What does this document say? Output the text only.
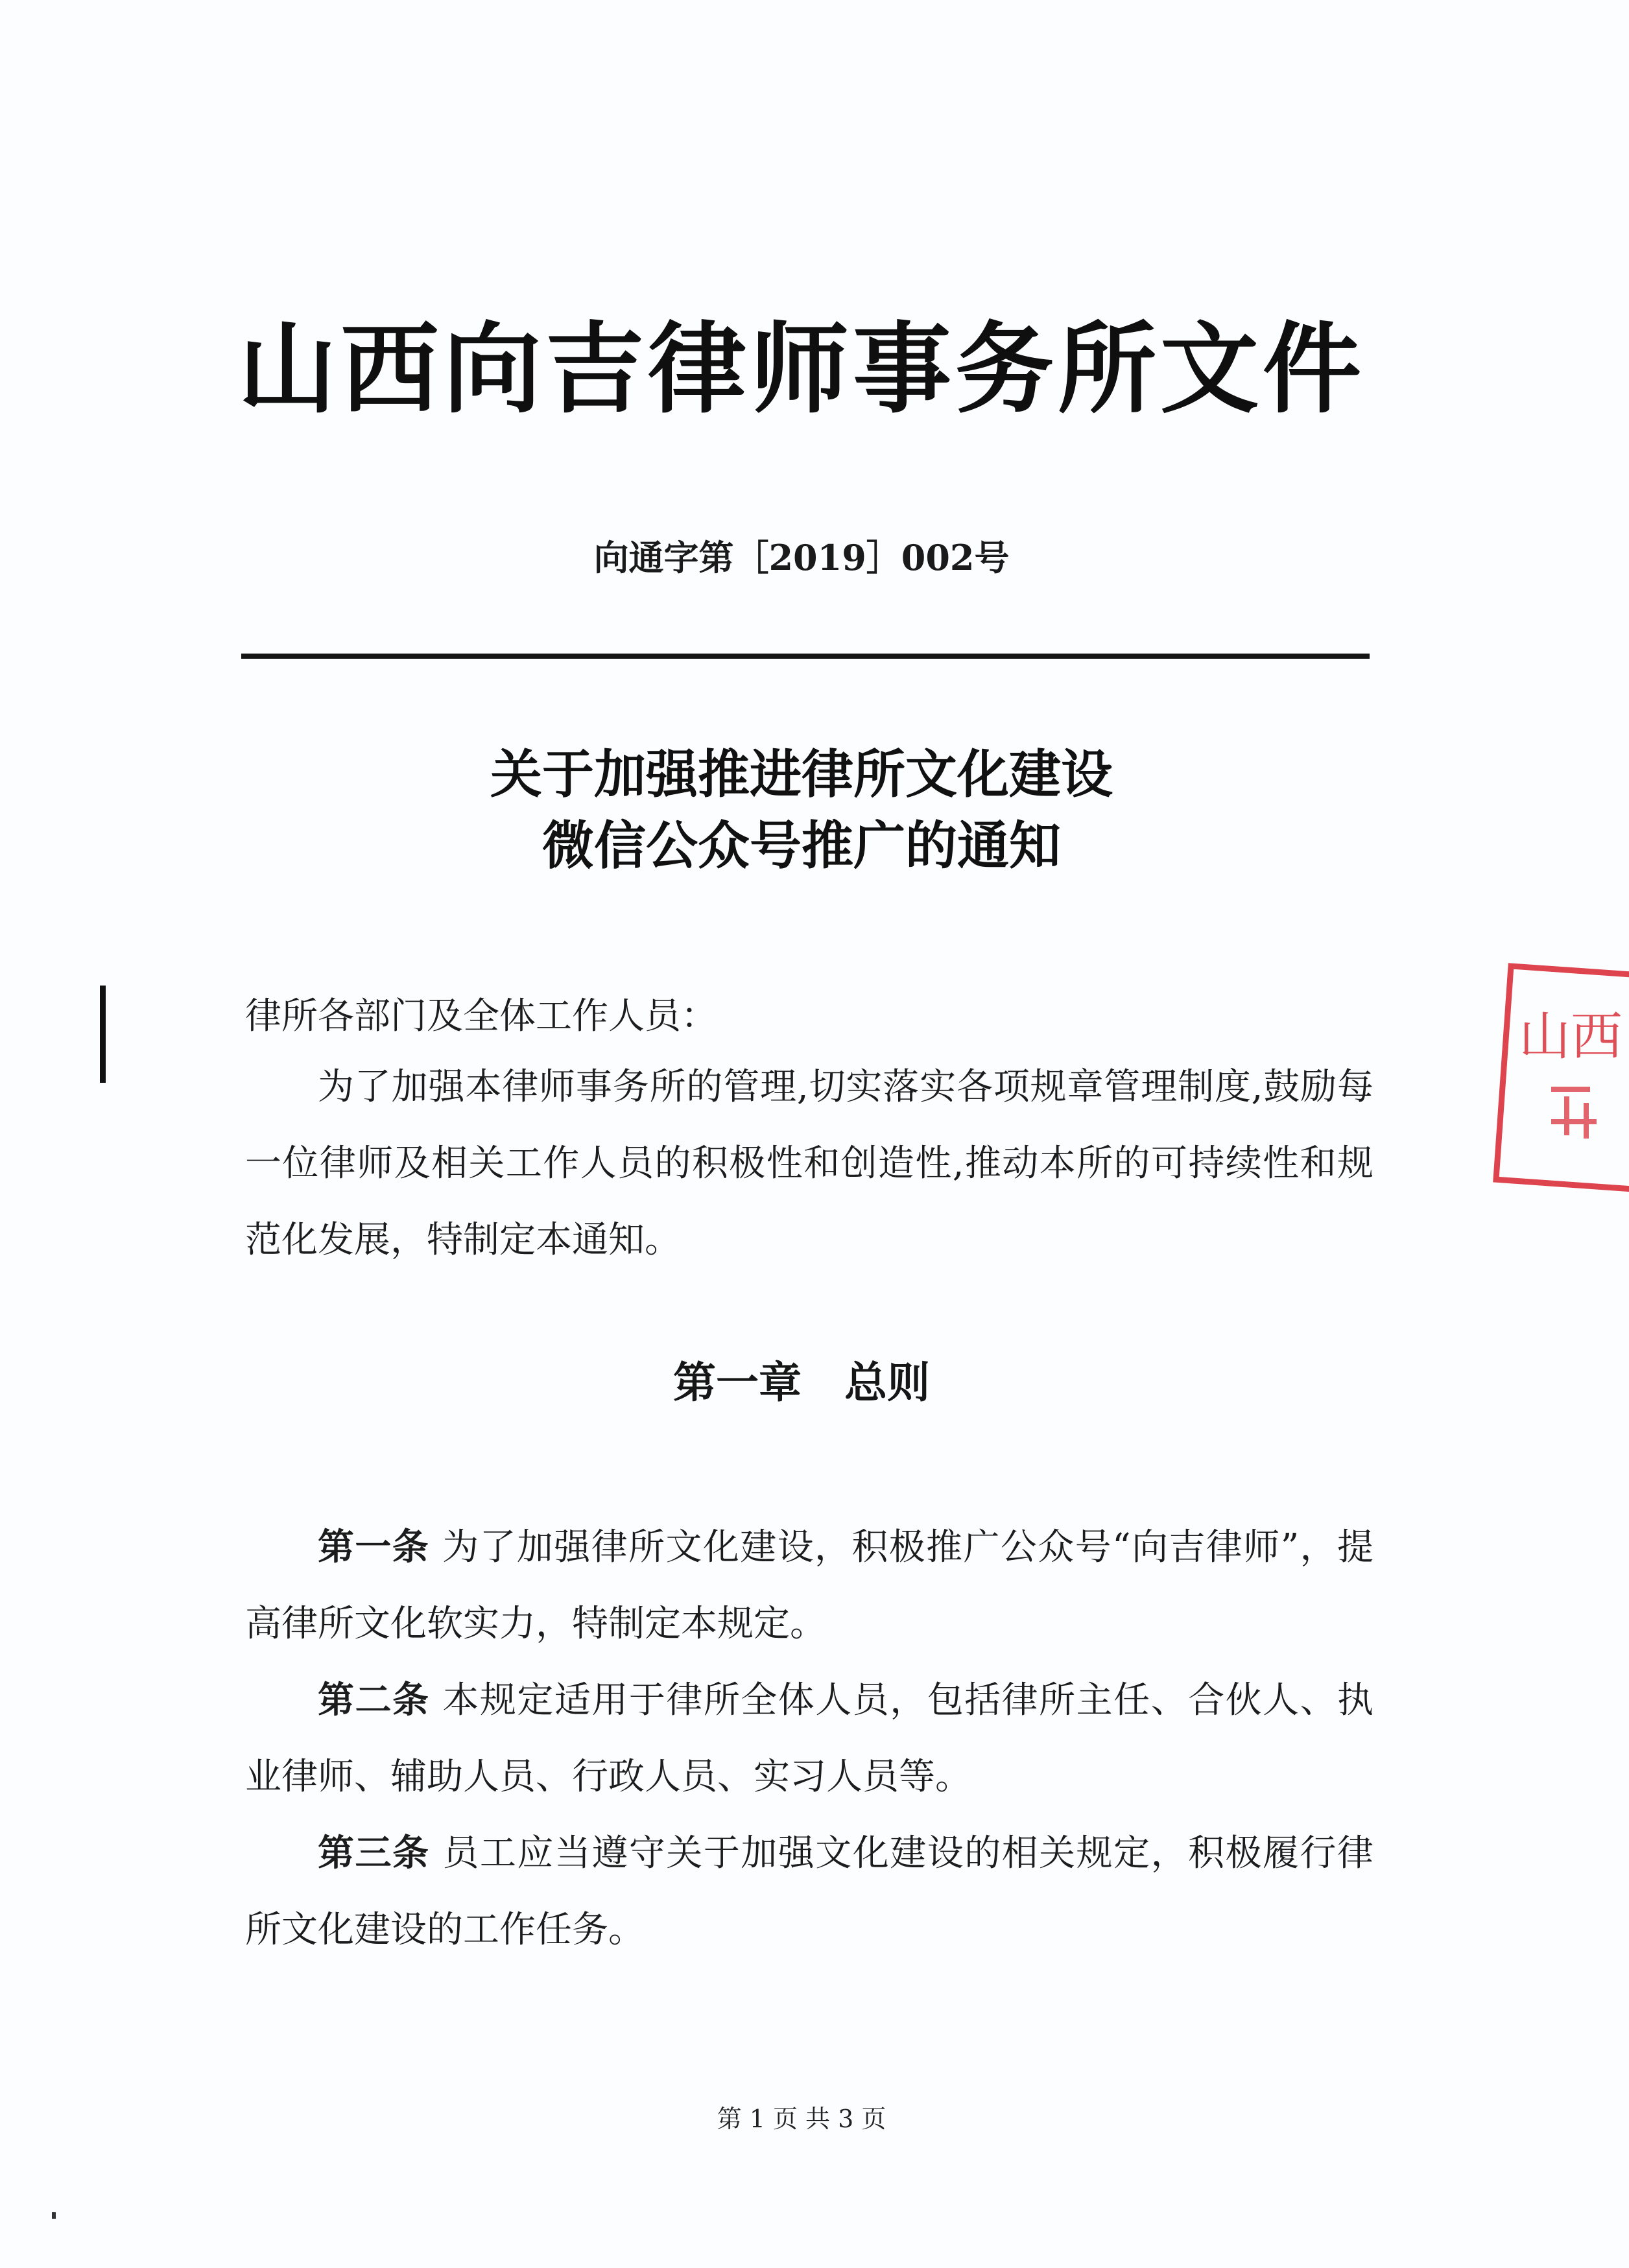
山西向吉律师事务所文件
向通字第［2019］002号
关于加强推进律所文化建设
微信公众号推广的通知
律所各部门及全体工作人员：
为了加强本律师事务所的管理,切实落实各项规章管理制度,鼓励每一位律师及相关工作人员的积极性和创造性,推动本所的可持续性和规范化发展，特制定本通知。
第一章　总则
第一条 为了加强律所文化建设，积极推广公众号“向吉律师”，提高律所文化软实力，特制定本规定。
第二条 本规定适用于律所全体人员，包括律所主任、合伙人、执业律师、辅助人员、行政人员、实习人员等。
第三条 员工应当遵守关于加强文化建设的相关规定，积极履行律所文化建设的工作任务。
山西
第 1 页 共 3 页
